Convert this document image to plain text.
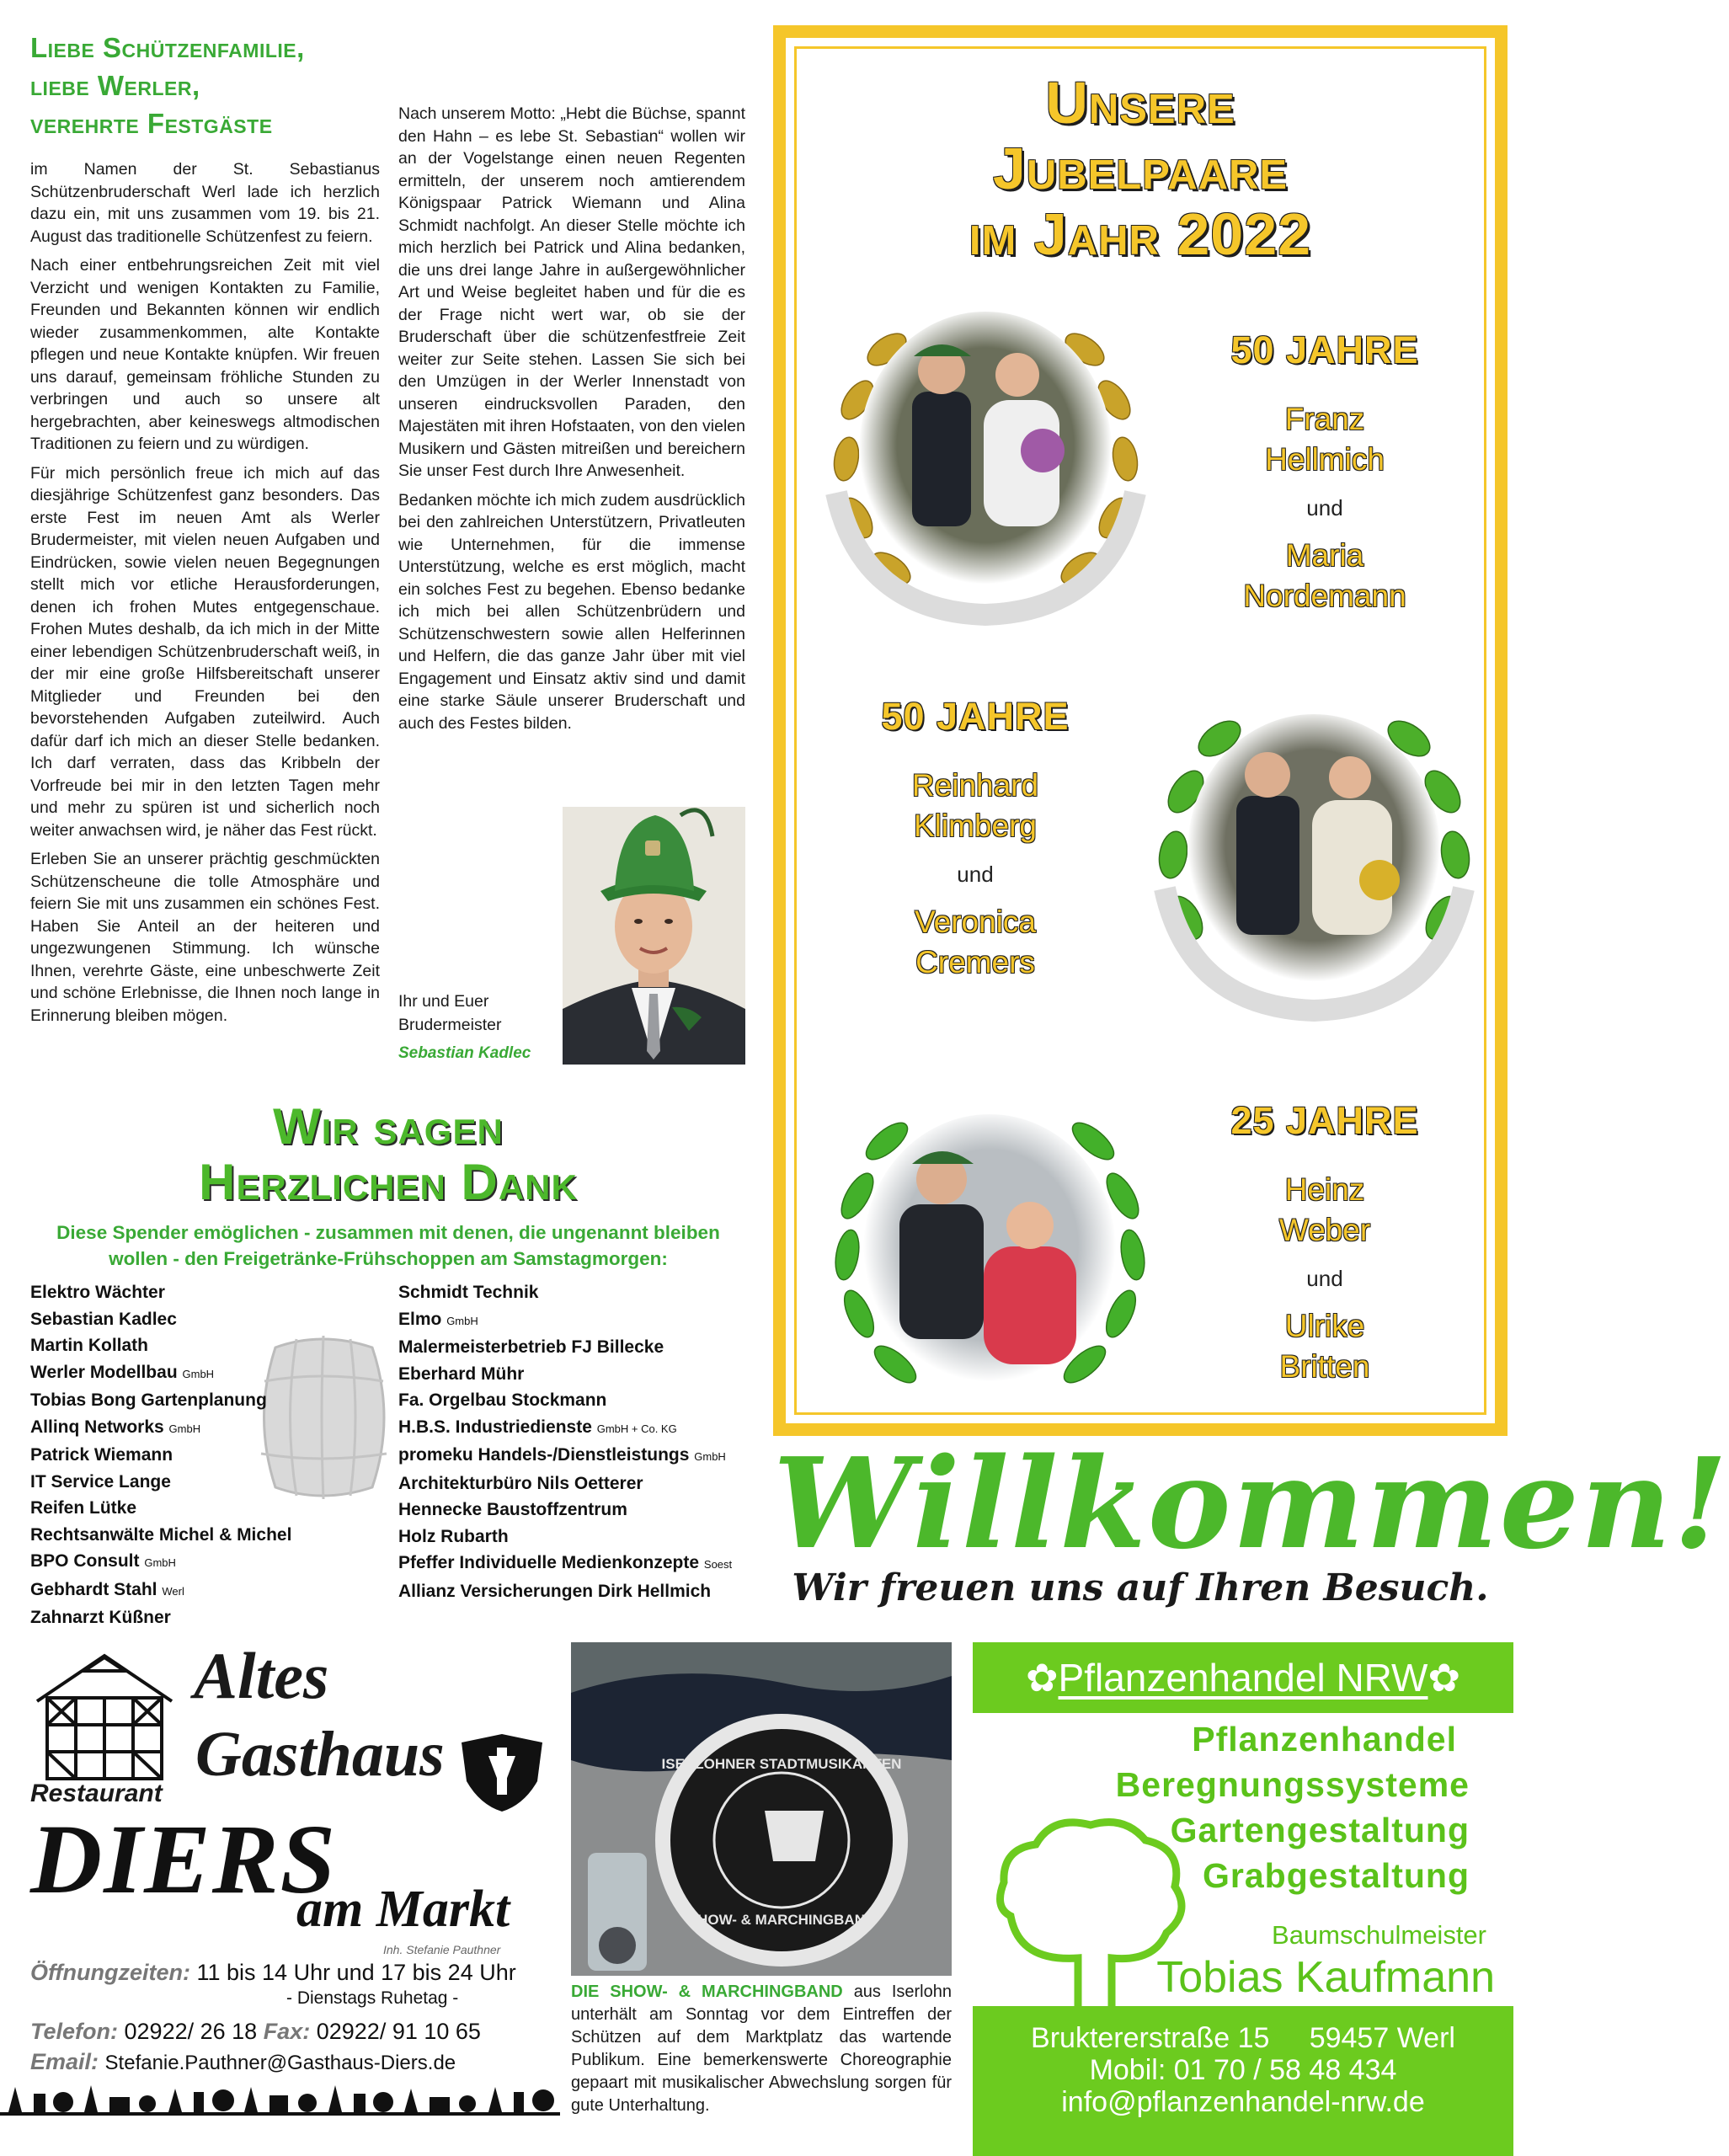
Liebe Schützenfamilie,
liebe Werler,
verehrte Festgäste

im Namen der St. Sebastianus Schützenbruderschaft Werl lade ich herzlich dazu ein, mit uns zusammen vom 19. bis 21. August das traditionelle Schützenfest zu feiern.

Nach einer entbehrungsreichen Zeit mit viel Verzicht und wenigen Kontakten zu Familie, Freunden und Bekannten können wir endlich wieder zusammenkommen, alte Kontakte pflegen und neue Kontakte knüpfen. Wir freuen uns darauf, gemeinsam fröhliche Stunden zu verbringen und auch so unsere alt hergebrachten, aber keineswegs altmodischen Traditionen zu feiern und zu würdigen.

Für mich persönlich freue ich mich auf das diesjährige Schützenfest ganz besonders. Das erste Fest im neuen Amt als Werler Brudermeister, mit vielen neuen Aufgaben und Eindrücken, sowie vielen neuen Begegnungen stellt mich vor etliche Herausforderungen, denen ich frohen Mutes entgegenschaue. Frohen Mutes deshalb, da ich mich in der Mitte einer lebendigen Schützenbruderschaft weiß, in der mir eine große Hilfsbereitschaft unserer Mitglieder und Freunden bei den bevorstehenden Aufgaben zuteilwird. Auch dafür darf ich mich an dieser Stelle bedanken. Ich darf verraten, dass das Kribbeln der Vorfreude bei mir in den letzten Tagen mehr und mehr zu spüren ist und sicherlich noch weiter anwachsen wird, je näher das Fest rückt.

Erleben Sie an unserer prächtig geschmückten Schützenscheune die tolle Atmosphäre und feiern Sie mit uns zusammen ein schönes Fest. Haben Sie Anteil an der heiteren und ungezwungenen Stimmung. Ich wünsche Ihnen, verehrte Gäste, eine unbeschwerte Zeit und schöne Erlebnisse, die Ihnen noch lange in Erinnerung bleiben mögen.

Nach unserem Motto: „Hebt die Büchse, spannt den Hahn – es lebe St. Sebastian“ wollen wir an der Vogelstange einen neuen Regenten ermitteln, der unserem noch amtierendem Königspaar Patrick Wiemann und Alina Schmidt nachfolgt. An dieser Stelle möchte ich mich herzlich bei Patrick und Alina bedanken, die uns drei lange Jahre in außergewöhnlicher Art und Weise begleitet haben und für die es der Frage nicht wert war, ob sie der Bruderschaft über die schützenfestfreie Zeit weiter zur Seite stehen. Lassen Sie sich bei den Umzügen in der Werler Innenstadt von unseren eindrucksvollen Paraden, den Majestäten mit ihren Hofstaaten, von den vielen Musikern und Gästen mitreißen und bereichern Sie unser Fest durch Ihre Anwesenheit.

Bedanken möchte ich mich zudem ausdrücklich bei den zahlreichen Unterstützern, Privatleuten wie Unternehmen, für die immense Unterstützung, welche es erst möglich, macht ein solches Fest zu begehen. Ebenso bedanke ich mich bei allen Schützenbrüdern und Schützenschwestern sowie allen Helferinnen und Helfern, die das ganze Jahr über mit viel Engagement und Einsatz aktiv sind und damit eine starke Säule unserer Bruderschaft und auch des Festes bilden.

Ihr und Euer
Brudermeister
Sebastian Kadlec
Unsere
Jubelpaare
im Jahr 2022
50 JAHRE
Franz
Hellmich
und
Maria
Nordemann
50 JAHRE
Reinhard
Klimberg
und
Veronica
Cremers
25 JAHRE
Heinz
Weber
und
Ulrike
Britten
Wir sagen
Herzlichen Dank
Diese Spender emöglichen - zusammen mit denen, die ungenannt bleiben
wollen - den Freigetränke-Frühschoppen am Samstagmorgen:
Elektro Wächter
Sebastian Kadlec
Martin Kollath
Werler Modellbau GmbH
Tobias Bong Gartenplanung
Allinq Networks GmbH
Patrick Wiemann
IT Service Lange
Reifen Lütke
Rechtsanwälte Michel & Michel
BPO Consult GmbH
Gebhardt Stahl Werl
Zahnarzt Küßner
Schmidt Technik
Elmo GmbH
Malermeisterbetrieb FJ Billecke
Eberhard Mühr
Fa. Orgelbau Stockmann
H.B.S. Industriedienste GmbH + Co. KG
promeku Handels-/Dienstleistungs GmbH
Architekturbüro Nils Oetterer
Hennecke Baustoffzentrum
Holz Rubarth
Pfeffer Individuelle Medienkonzepte Soest
Allianz Versicherungen Dirk Hellmich
Willkommen!
Wir freuen uns auf Ihren Besuch.
Altes
Gasthaus
Restaurant
DIERS
am Markt
Inh. Stefanie Pauthner
Öffnungzeiten: 11 bis 14 Uhr und 17 bis 24 Uhr
- Dienstags Ruhetag -
Telefon: 02922/ 26 18 Fax: 02922/ 91 10 65
Email: Stefanie.Pauthner@Gasthaus-Diers.de
ISERLOHNER STADTMUSIKANTEN
SHOW- & MARCHINGBAND
DIE SHOW- & MARCHINGBAND aus Iserlohn unterhält am Sonntag vor dem Eintreffen der Schützen auf dem Marktplatz das wartende Publikum. Eine bemerkenswerte Choreographie gepaart mit musikalischer Abwechslung sorgen für gute Unterhaltung.
✿Pflanzenhandel NRW✿
Pflanzenhandel
Beregnungssysteme
Gartengestaltung
Grabgestaltung
Baumschulmeister
Tobias Kaufmann
Bruktererstraße 15     59457 Werl
Mobil: 01 70 / 58 48 434
info@pflanzenhandel-nrw.de
